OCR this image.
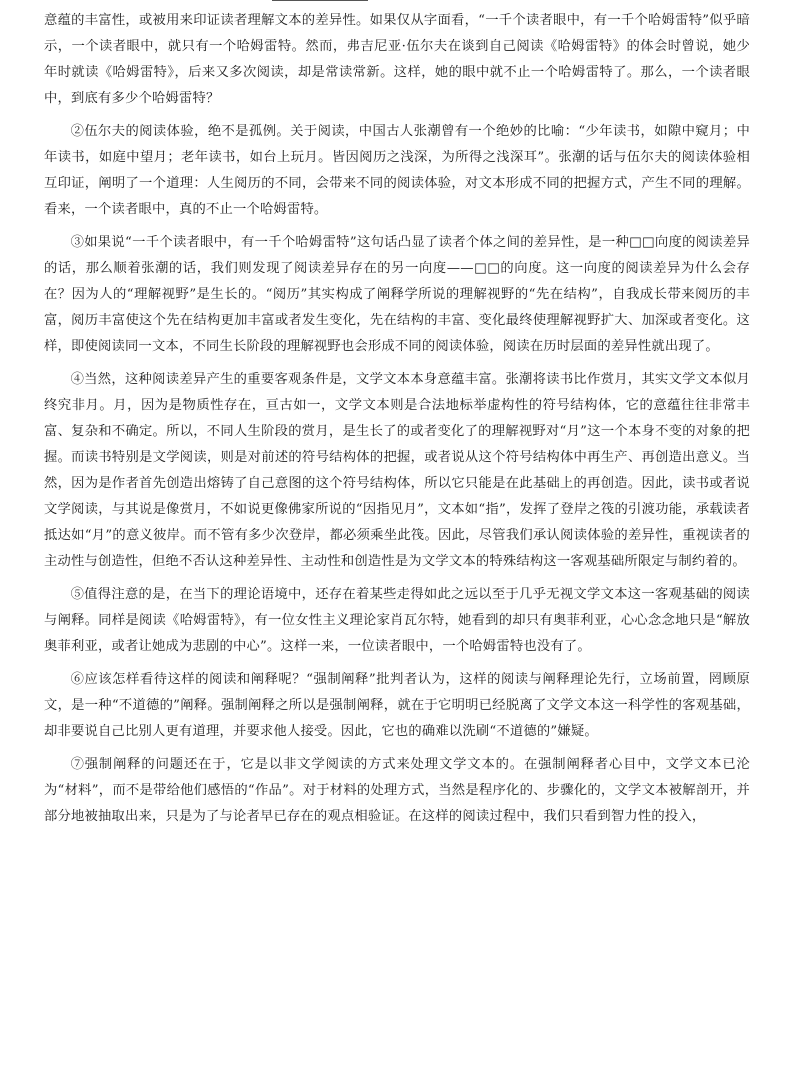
意蕴的丰富性，或被用来印证读者理解文本的差异性。如果仅从字面看，“一千个读者眼中，有一千个哈姆雷特”似乎暗示，一个读者眼中，就只有一个哈姆雷特。然而，弗吉尼亚·伍尔夫在谈到自己阅读《哈姆雷特》的体会时曾说，她少年时就读《哈姆雷特》，后来又多次阅读，却是常读常新。这样，她的眼中就不止一个哈姆雷特了。那么，一个读者眼中，到底有多少个哈姆雷特？

②伍尔夫的阅读体验，绝不是孤例。关于阅读，中国古人张潮曾有一个绝妙的比喻：“少年读书，如隙中窥月；中年读书，如庭中望月；老年读书，如台上玩月。皆因阅历之浅深，为所得之浅深耳”。张潮的话与伍尔夫的阅读体验相互印证，阐明了一个道理：人生阅历的不同，会带来不同的阅读体验，对文本形成不同的把握方式，产生不同的理解。看来，一个读者眼中，真的不止一个哈姆雷特。

③如果说“一千个读者眼中，有一千个哈姆雷特”这句话凸显了读者个体之间的差异性，是一种□□向度的阅读差异的话，那么顺着张潮的话，我们则发现了阅读差异存在的另一向度——□□的向度。这一向度的阅读差异为什么会存在？因为人的“理解视野”是生长的。“阅历”其实构成了阐释学所说的理解视野的“先在结构”，自我成长带来阅历的丰富，阅历丰富使这个先在结构更加丰富或者发生变化，先在结构的丰富、变化最终使理解视野扩大、加深或者变化。这样，即使阅读同一文本，不同生长阶段的理解视野也会形成不同的阅读体验，阅读在历时层面的差异性就出现了。

④当然，这种阅读差异产生的重要客观条件是，文学文本本身意蕴丰富。张潮将读书比作赏月，其实文学文本似月终究非月。月，因为是物质性存在，亘古如一，文学文本则是合法地标举虚构性的符号结构体，它的意蕴往往非常丰富、复杂和不确定。所以，不同人生阶段的赏月，是生长了的或者变化了的理解视野对“月”这一个本身不变的对象的把握。而读书特别是文学阅读，则是对前述的符号结构体的把握，或者说从这个符号结构体中再生产、再创造出意义。当然，因为是作者首先创造出熔铸了自己意图的这个符号结构体，所以它只能是在此基础上的再创造。因此，读书或者说文学阅读，与其说是像赏月，不如说更像佛家所说的“因指见月”，文本如“指”，发挥了登岸之筏的引渡功能，承载读者抵达如“月”的意义彼岸。而不管有多少次登岸，都必须乘坐此筏。因此，尽管我们承认阅读体验的差异性，重视读者的主动性与创造性，但绝不否认这种差异性、主动性和创造性是为文学文本的特殊结构这一客观基础所限定与制约着的。

⑤值得注意的是，在当下的理论语境中，还存在着某些走得如此之远以至于几乎无视文学文本这一客观基础的阅读与阐释。同样是阅读《哈姆雷特》，有一位女性主义理论家肖瓦尔特，她看到的却只有奥菲利亚，心心念念地只是“解放奥菲利亚，或者让她成为悲剧的中心”。这样一来，一位读者眼中，一个哈姆雷特也没有了。

⑥应该怎样看待这样的阅读和阐释呢？“强制阐释”批判者认为，这样的阅读与阐释理论先行，立场前置，罔顾原文，是一种“不道德的”阐释。强制阐释之所以是强制阐释，就在于它明明已经脱离了文学文本这一科学性的客观基础，却非要说自己比别人更有道理，并要求他人接受。因此，它也的确难以洗刷“不道德的”嫌疑。

⑦强制阐释的问题还在于，它是以非文学阅读的方式来处理文学文本的。在强制阐释者心目中，文学文本已沦为“材料”，而不是带给他们感悟的“作品”。对于材料的处理方式，当然是程序化的、步骤化的，文学文本被解剖开，并部分地被抽取出来，只是为了与论者早已存在的观点相验证。在这样的阅读过程中，我们只看到智力性的投入，
